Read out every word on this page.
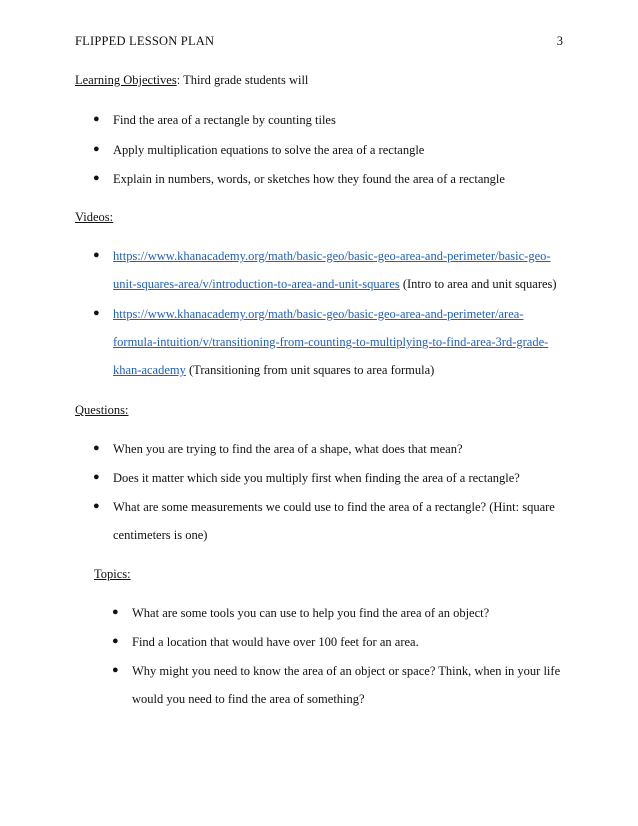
FLIPPED LESSON PLAN	3
Learning Objectives: Third grade students will
● Find the area of a rectangle by counting tiles
● Apply multiplication equations to solve the area of a rectangle
● Explain in numbers, words, or sketches how they found the area of a rectangle
Videos:
● https://www.khanacademy.org/math/basic-geo/basic-geo-area-and-perimeter/basic-geo-
unit-squares-area/v/introduction-to-area-and-unit-squares (Intro to area and unit squares)
● https://www.khanacademy.org/math/basic-geo/basic-geo-area-and-perimeter/area-
formula-intuition/v/transitioning-from-counting-to-multiplying-to-find-area-3rd-grade-
khan-academy (Transitioning from unit squares to area formula)
Questions:
● When you are trying to find the area of a shape, what does that mean?
● Does it matter which side you multiply first when finding the area of a rectangle?
● What are some measurements we could use to find the area of a rectangle? (Hint: square
centimeters is one)
Topics:
● What are some tools you can use to help you find the area of an object?
● Find a location that would have over 100 feet for an area.
● Why might you need to know the area of an object or space? Think, when in your life
would you need to find the area of something?
